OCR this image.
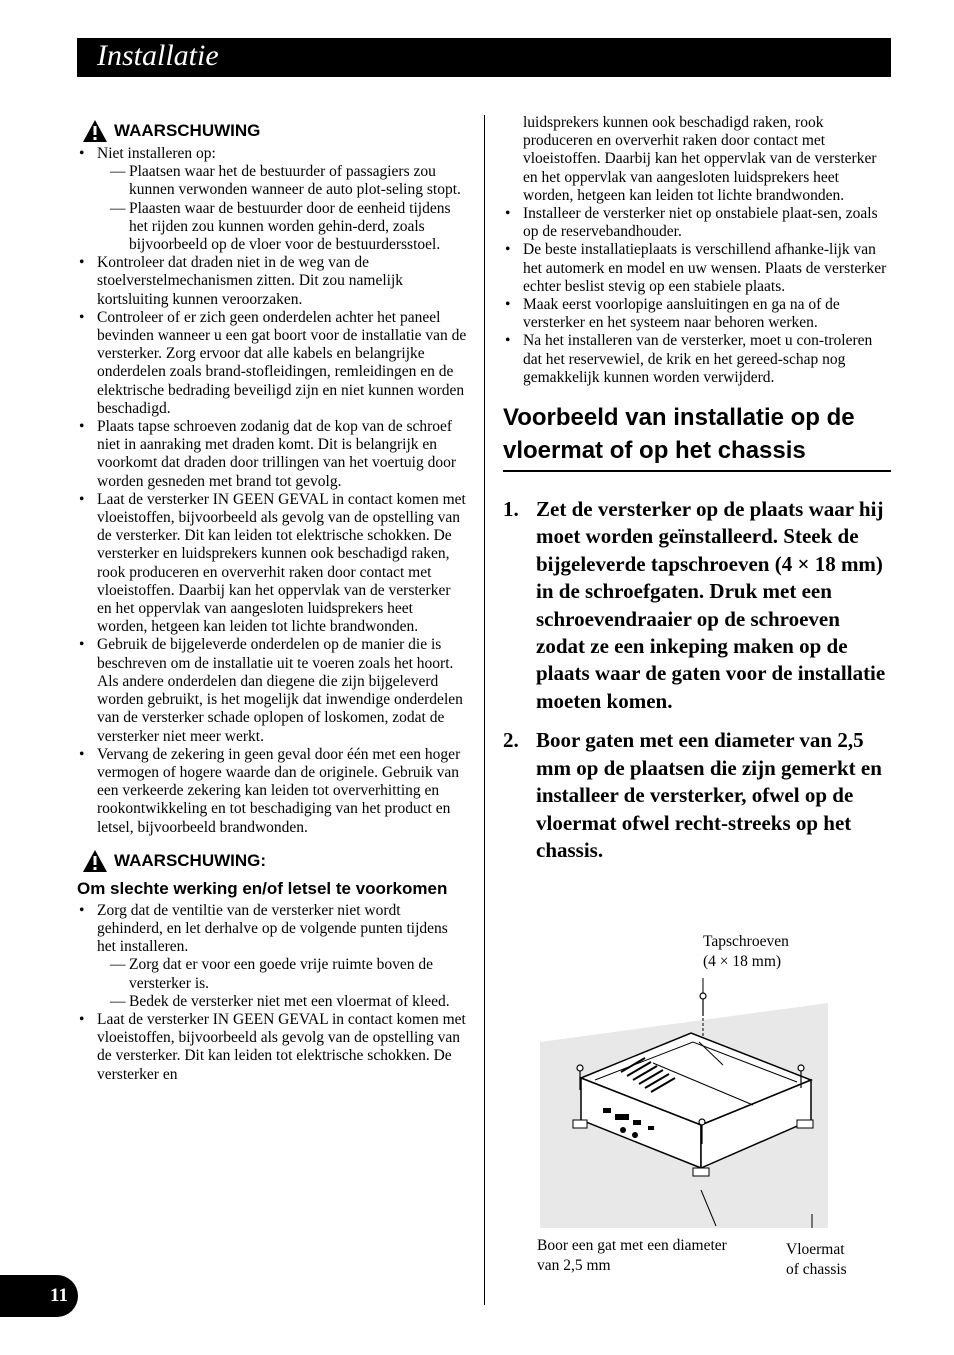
Installatie
WAARSCHUWING
• Niet installeren op:
— Plaatsen waar het de bestuurder of passagiers zou kunnen verwonden wanneer de auto plot-seling stopt.
— Plaasten waar de bestuurder door de eenheid tijdens het rijden zou kunnen worden gehin-derd, zoals bijvoorbeeld op de vloer voor de bestuurdersstoel.
• Kontroleer dat draden niet in de weg van de stoelverstelmechanismen zitten. Dit zou namelijk kortsluiting kunnen veroorzaken.
• Controleer of er zich geen onderdelen achter het paneel bevinden wanneer u een gat boort voor de installatie van de versterker. Zorg ervoor dat alle kabels en belangrijke onderdelen zoals brand-stofleidingen, remleidingen en de elektrische bedrading beveiligd zijn en niet kunnen worden beschadigd.
• Plaats tapse schroeven zodanig dat de kop van de schroef niet in aanraking met draden komt. Dit is belangrijk en voorkomt dat draden door trillingen van het voertuig door worden gesneden met brand tot gevolg.
• Laat de versterker IN GEEN GEVAL in contact komen met vloeistoffen, bijvoorbeeld als gevolg van de opstelling van de versterker. Dit kan leiden tot elektrische schokken. De versterker en luidsprekers kunnen ook beschadigd raken, rook produceren en oververhit raken door contact met vloeistoffen. Daarbij kan het oppervlak van de versterker en het oppervlak van aangesloten luidsprekers heet worden, hetgeen kan leiden tot lichte brandwonden.
• Gebruik de bijgeleverde onderdelen op de manier die is beschreven om de installatie uit te voeren zoals het hoort. Als andere onderdelen dan diegene die zijn bijgeleverd worden gebruikt, is het mogelijk dat inwendige onderdelen van de versterker schade oplopen of loskomen, zodat de versterker niet meer werkt.
• Vervang de zekering in geen geval door één met een hoger vermogen of hogere waarde dan de originele. Gebruik van een verkeerde zekering kan leiden tot oververhitting en rookontwikkeling en tot beschadiging van het product en letsel, bijvoorbeeld brandwonden.
WAARSCHUWING:
Om slechte werking en/of letsel te voorkomen
• Zorg dat de ventiltie van de versterker niet wordt gehinderd, en let derhalve op de volgende punten tijdens het installeren.
— Zorg dat er voor een goede vrije ruimte boven de versterker is.
— Bedek de versterker niet met een vloermat of kleed.
• Laat de versterker IN GEEN GEVAL in contact komen met vloeistoffen, bijvoorbeeld als gevolg van de opstelling van de versterker. Dit kan leiden tot elektrische schokken. De versterker en
luidsprekers kunnen ook beschadigd raken, rook produceren en oververhit raken door contact met vloeistoffen. Daarbij kan het oppervlak van de versterker en het oppervlak van aangesloten luidsprekers heet worden, hetgeen kan leiden tot lichte brandwonden.
• Installeer de versterker niet op onstabiele plaat-sen, zoals op de reservebandhouder.
• De beste installatieplaats is verschillend afhanke-lijk van het automerk en model en uw wensen. Plaats de versterker echter beslist stevig op een stabiele plaats.
• Maak eerst voorlopige aansluitingen en ga na of de versterker en het systeem naar behoren werken.
• Na het installeren van de versterker, moet u con-troleren dat het reservewiel, de krik en het gereed-schap nog gemakkelijk kunnen worden verwijderd.
Voorbeeld van installatie op de vloermat of op het chassis
1. Zet de versterker op de plaats waar hij moet worden geïnstalleerd. Steek de bijgeleverde tapschroeven (4 × 18 mm) in de schroefgaten. Druk met een schroevendraaier op de schroeven zodat ze een inkeping maken op de plaats waar de gaten voor de installatie moeten komen.
2. Boor gaten met een diameter van 2,5 mm op de plaatsen die zijn gemerkt en installeer de versterker, ofwel op de vloermat ofwel recht-streeks op het chassis.
Tapschroeven
(4 × 18 mm)
Boor een gat met een diameter
van 2,5 mm
Vloermat
of chassis
11
